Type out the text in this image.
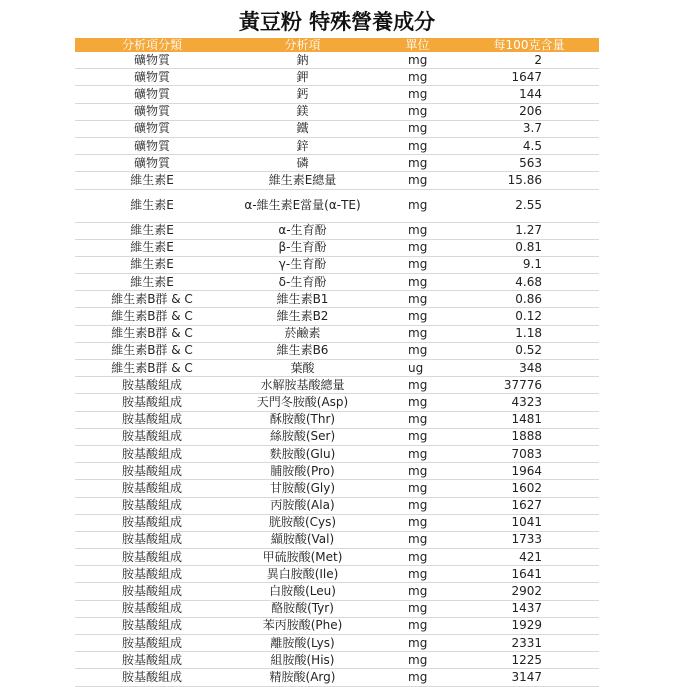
黃豆粉 特殊營養成分
分析項分類	分析項	單位	每100克含量
礦物質	鈉	mg	2
礦物質	鉀	mg	1647
礦物質	鈣	mg	144
礦物質	鎂	mg	206
礦物質	鐵	mg	3.7
礦物質	鋅	mg	4.5
礦物質	磷	mg	563
維生素E	維生素E總量	mg	15.86
維生素E	α-維生素E當量(α-TE)	mg	2.55
維生素E	α-生育酚	mg	1.27
維生素E	β-生育酚	mg	0.81
維生素E	γ-生育酚	mg	9.1
維生素E	δ-生育酚	mg	4.68
維生素B群 & C	維生素B1	mg	0.86
維生素B群 & C	維生素B2	mg	0.12
維生素B群 & C	菸鹼素	mg	1.18
維生素B群 & C	維生素B6	mg	0.52
維生素B群 & C	葉酸	ug	348
胺基酸組成	水解胺基酸總量	mg	37776
胺基酸組成	天門冬胺酸(Asp)	mg	4323
胺基酸組成	酥胺酸(Thr)	mg	1481
胺基酸組成	絲胺酸(Ser)	mg	1888
胺基酸組成	麩胺酸(Glu)	mg	7083
胺基酸組成	脯胺酸(Pro)	mg	1964
胺基酸組成	甘胺酸(Gly)	mg	1602
胺基酸組成	丙胺酸(Ala)	mg	1627
胺基酸組成	胱胺酸(Cys)	mg	1041
胺基酸組成	纈胺酸(Val)	mg	1733
胺基酸組成	甲硫胺酸(Met)	mg	421
胺基酸組成	異白胺酸(Ile)	mg	1641
胺基酸組成	白胺酸(Leu)	mg	2902
胺基酸組成	酪胺酸(Tyr)	mg	1437
胺基酸組成	苯丙胺酸(Phe)	mg	1929
胺基酸組成	離胺酸(Lys)	mg	2331
胺基酸組成	組胺酸(His)	mg	1225
胺基酸組成	精胺酸(Arg)	mg	3147
